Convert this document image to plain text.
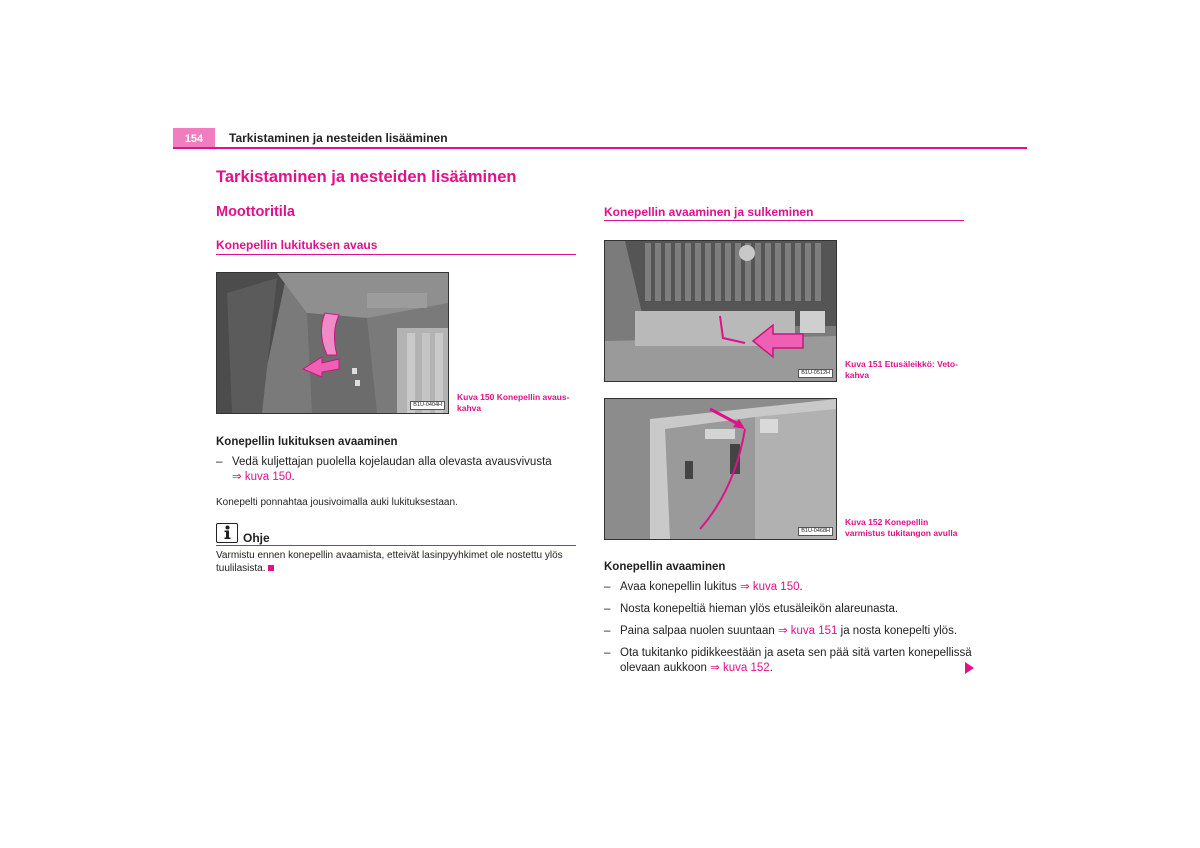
154	Tarkistaminen ja nesteiden lisääminen
Tarkistaminen ja nesteiden lisääminen
Moottoritila
Konepellin lukituksen avaus
B1U-0404H
Kuva 150 Konepellin avaus-
kahva
Konepellin lukituksen avaaminen
– Vedä kuljettajan puolella kojelaudan alla olevasta avausvivusta
⇒ kuva 150.
Konepelti ponnahtaa jousivoimalla auki lukituksestaan.
Ohje
Varmistu ennen konepellin avaamista, etteivät lasinpyyhkimet ole nostettu ylös
tuulilasista.
Konepellin avaaminen ja sulkeminen
B1U-0512H
Kuva 151 Etusäleikkö: Veto-
kahva
B1U-0468H
Kuva 152 Konepellin
varmistus tukitangon avulla
Konepellin avaaminen
– Avaa konepellin lukitus ⇒ kuva 150.
– Nosta konepeltiä hieman ylös etusäleikön alareunasta.
– Paina salpaa nuolen suuntaan ⇒ kuva 151 ja nosta konepelti ylös.
– Ota tukitanko pidikkeestään ja aseta sen pää sitä varten konepellissä
olevaan aukkoon ⇒ kuva 152.
